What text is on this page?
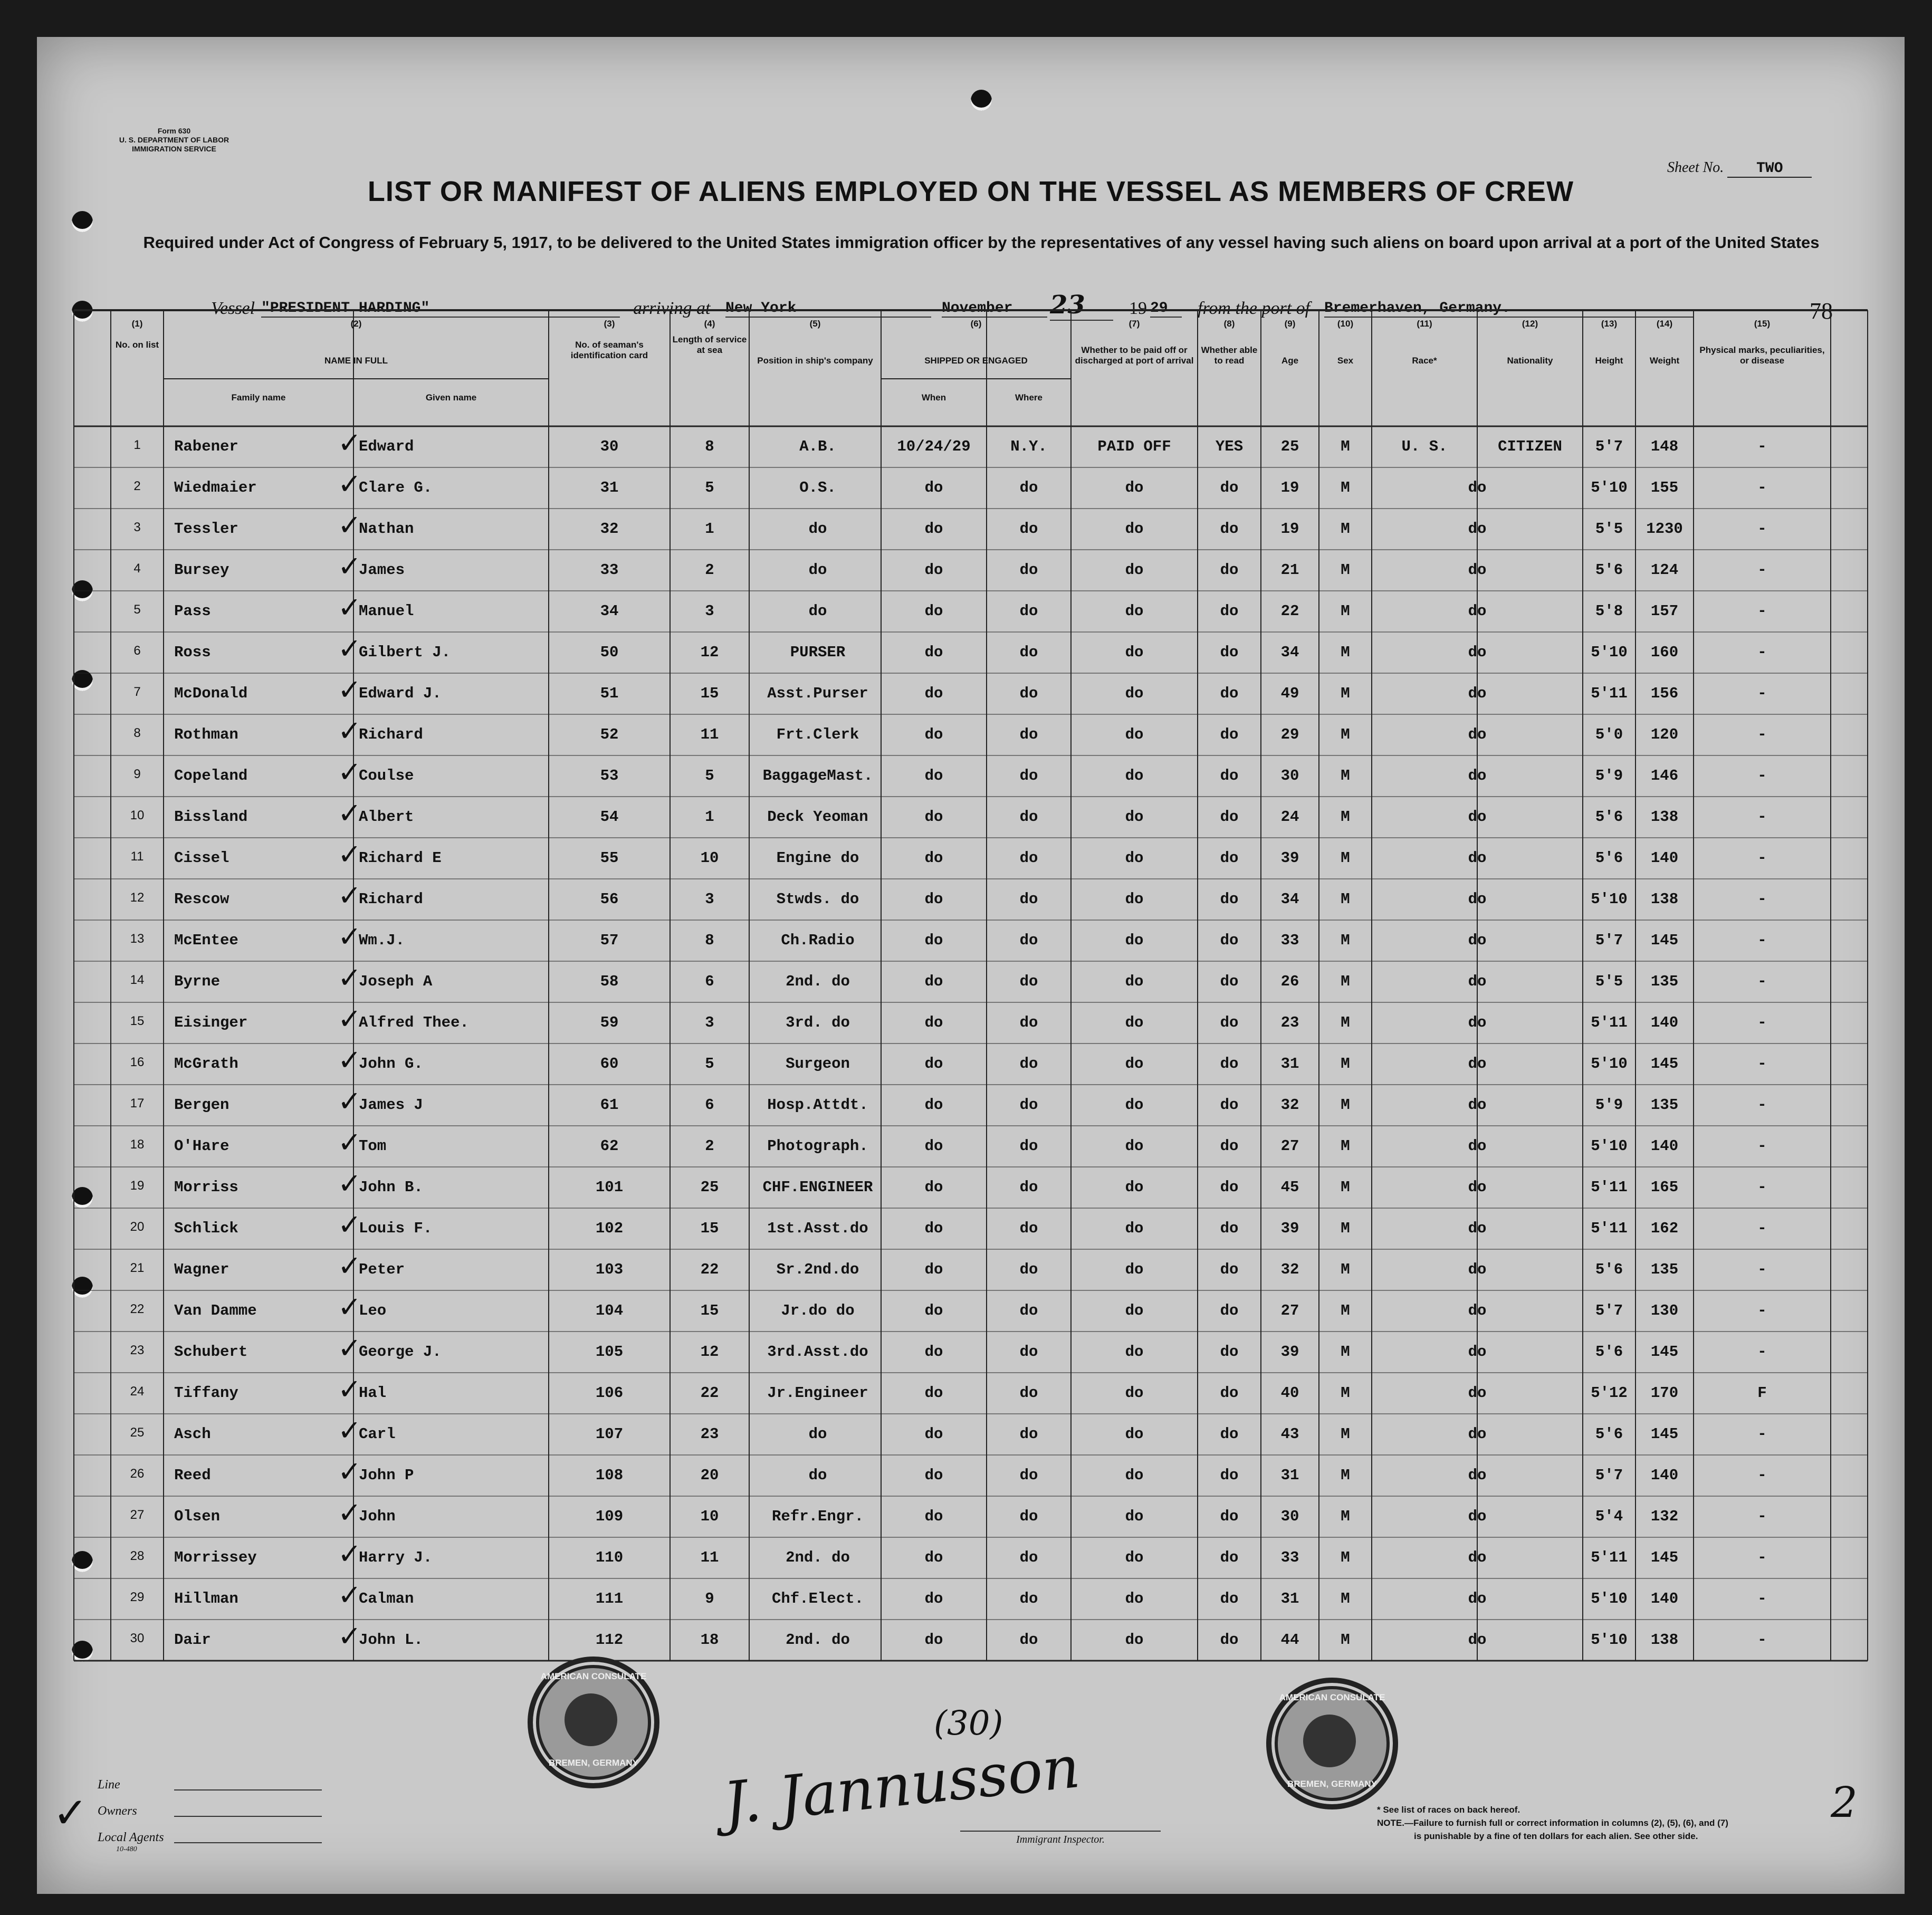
Form 630
U. S. DEPARTMENT OF LABOR
IMMIGRATION SERVICE
Sheet No. TWO
LIST OR MANIFEST OF ALIENS EMPLOYED ON THE VESSEL AS MEMBERS OF CREW
Required under Act of Congress of February 5, 1917, to be delivered to the United States immigration officer by the representatives of any vessel having such aliens on board upon arrival at a port of the United States
Vessel "PRESIDENT HARDING"	arriving at New York	November	23	19 29	from the port of Bremerhaven, Germany.	78
(1)
No. on list
(2)
NAME IN FULL
(3)
No. of seaman's identification card
(4)
Length of service at sea
(5)
Position in ship's company
(6)
SHIPPED OR ENGAGED
(7)
Whether to be paid off or discharged at port of arrival
(8)
Whether able to read
(9)
Age
(10)
Sex
(11)
Race*
(12)
Nationality
(13)
Height
(14)
Weight
(15)
Physical marks, peculiarities, or disease
Family name	Given name	When	Where
1	Rabener	Edward	30	8	A.B.	10/24/29	N.Y.	PAID OFF	YES	25	M	U. S.	CITIZEN	5'7	148	-
✓
2	Wiedmaier	Clare G.	31	5	O.S.	do	do	do	do	19	M	do	5'10	155	-
✓
3	Tessler	Nathan	32	1	do	do	do	do	do	19	M	do	5'5	1230	-
✓
4	Bursey	James	33	2	do	do	do	do	do	21	M	do	5'6	124	-
✓
5	Pass	Manuel	34	3	do	do	do	do	do	22	M	do	5'8	157	-
✓
6	Ross	Gilbert J.	50	12	PURSER	do	do	do	do	34	M	do	5'10	160	-
✓
7	McDonald	Edward J.	51	15	Asst.Purser	do	do	do	do	49	M	do	5'11	156	-
✓
8	Rothman	Richard	52	11	Frt.Clerk	do	do	do	do	29	M	do	5'0	120	-
✓
9	Copeland	Coulse	53	5	BaggageMast.	do	do	do	do	30	M	do	5'9	146	-
✓
10	Bissland	Albert	54	1	Deck Yeoman	do	do	do	do	24	M	do	5'6	138	-
✓
11	Cissel	Richard E	55	10	Engine do	do	do	do	do	39	M	do	5'6	140	-
✓
12	Rescow	Richard	56	3	Stwds. do	do	do	do	do	34	M	do	5'10	138	-
✓
13	McEntee	Wm.J.	57	8	Ch.Radio	do	do	do	do	33	M	do	5'7	145	-
✓
14	Byrne	Joseph A	58	6	2nd. do	do	do	do	do	26	M	do	5'5	135	-
✓
15	Eisinger	Alfred Thee.	59	3	3rd. do	do	do	do	do	23	M	do	5'11	140	-
✓
16	McGrath	John G.	60	5	Surgeon	do	do	do	do	31	M	do	5'10	145	-
✓
17	Bergen	James J	61	6	Hosp.Attdt.	do	do	do	do	32	M	do	5'9	135	-
✓
18	O'Hare	Tom	62	2	Photograph.	do	do	do	do	27	M	do	5'10	140	-
✓
19	Morriss	John B.	101	25	CHF.ENGINEER	do	do	do	do	45	M	do	5'11	165	-
✓
20	Schlick	Louis F.	102	15	1st.Asst.do	do	do	do	do	39	M	do	5'11	162	-
✓
21	Wagner	Peter	103	22	Sr.2nd.do	do	do	do	do	32	M	do	5'6	135	-
✓
22	Van Damme	Leo	104	15	Jr.do do	do	do	do	do	27	M	do	5'7	130	-
✓
23	Schubert	George J.	105	12	3rd.Asst.do	do	do	do	do	39	M	do	5'6	145	-
✓
24	Tiffany	Hal	106	22	Jr.Engineer	do	do	do	do	40	M	do	5'12	170	F
✓
25	Asch	Carl	107	23	do	do	do	do	do	43	M	do	5'6	145	-
✓
26	Reed	John P	108	20	do	do	do	do	do	31	M	do	5'7	140	-
✓
27	Olsen	John	109	10	Refr.Engr.	do	do	do	do	30	M	do	5'4	132	-
✓
28	Morrissey	Harry J.	110	11	2nd. do	do	do	do	do	33	M	do	5'11	145	-
✓
29	Hillman	Calman	111	9	Chf.Elect.	do	do	do	do	31	M	do	5'10	140	-
✓
30	Dair	John L.	112	18	2nd. do	do	do	do	do	44	M	do	5'10	138	-
✓
AMERICAN CONSULATE
BREMEN, GERMANY
AMERICAN CONSULATE
BREMEN, GERMANY
Line
Owners
Local Agents
10-480
✓
(30)
J. Jannusson
Immigrant Inspector.
* See list of races on back hereof.
NOTE.—Failure to furnish full or correct information in columns (2), (5), (6), and (7)
is punishable by a fine of ten dollars for each alien. See other side.
2
